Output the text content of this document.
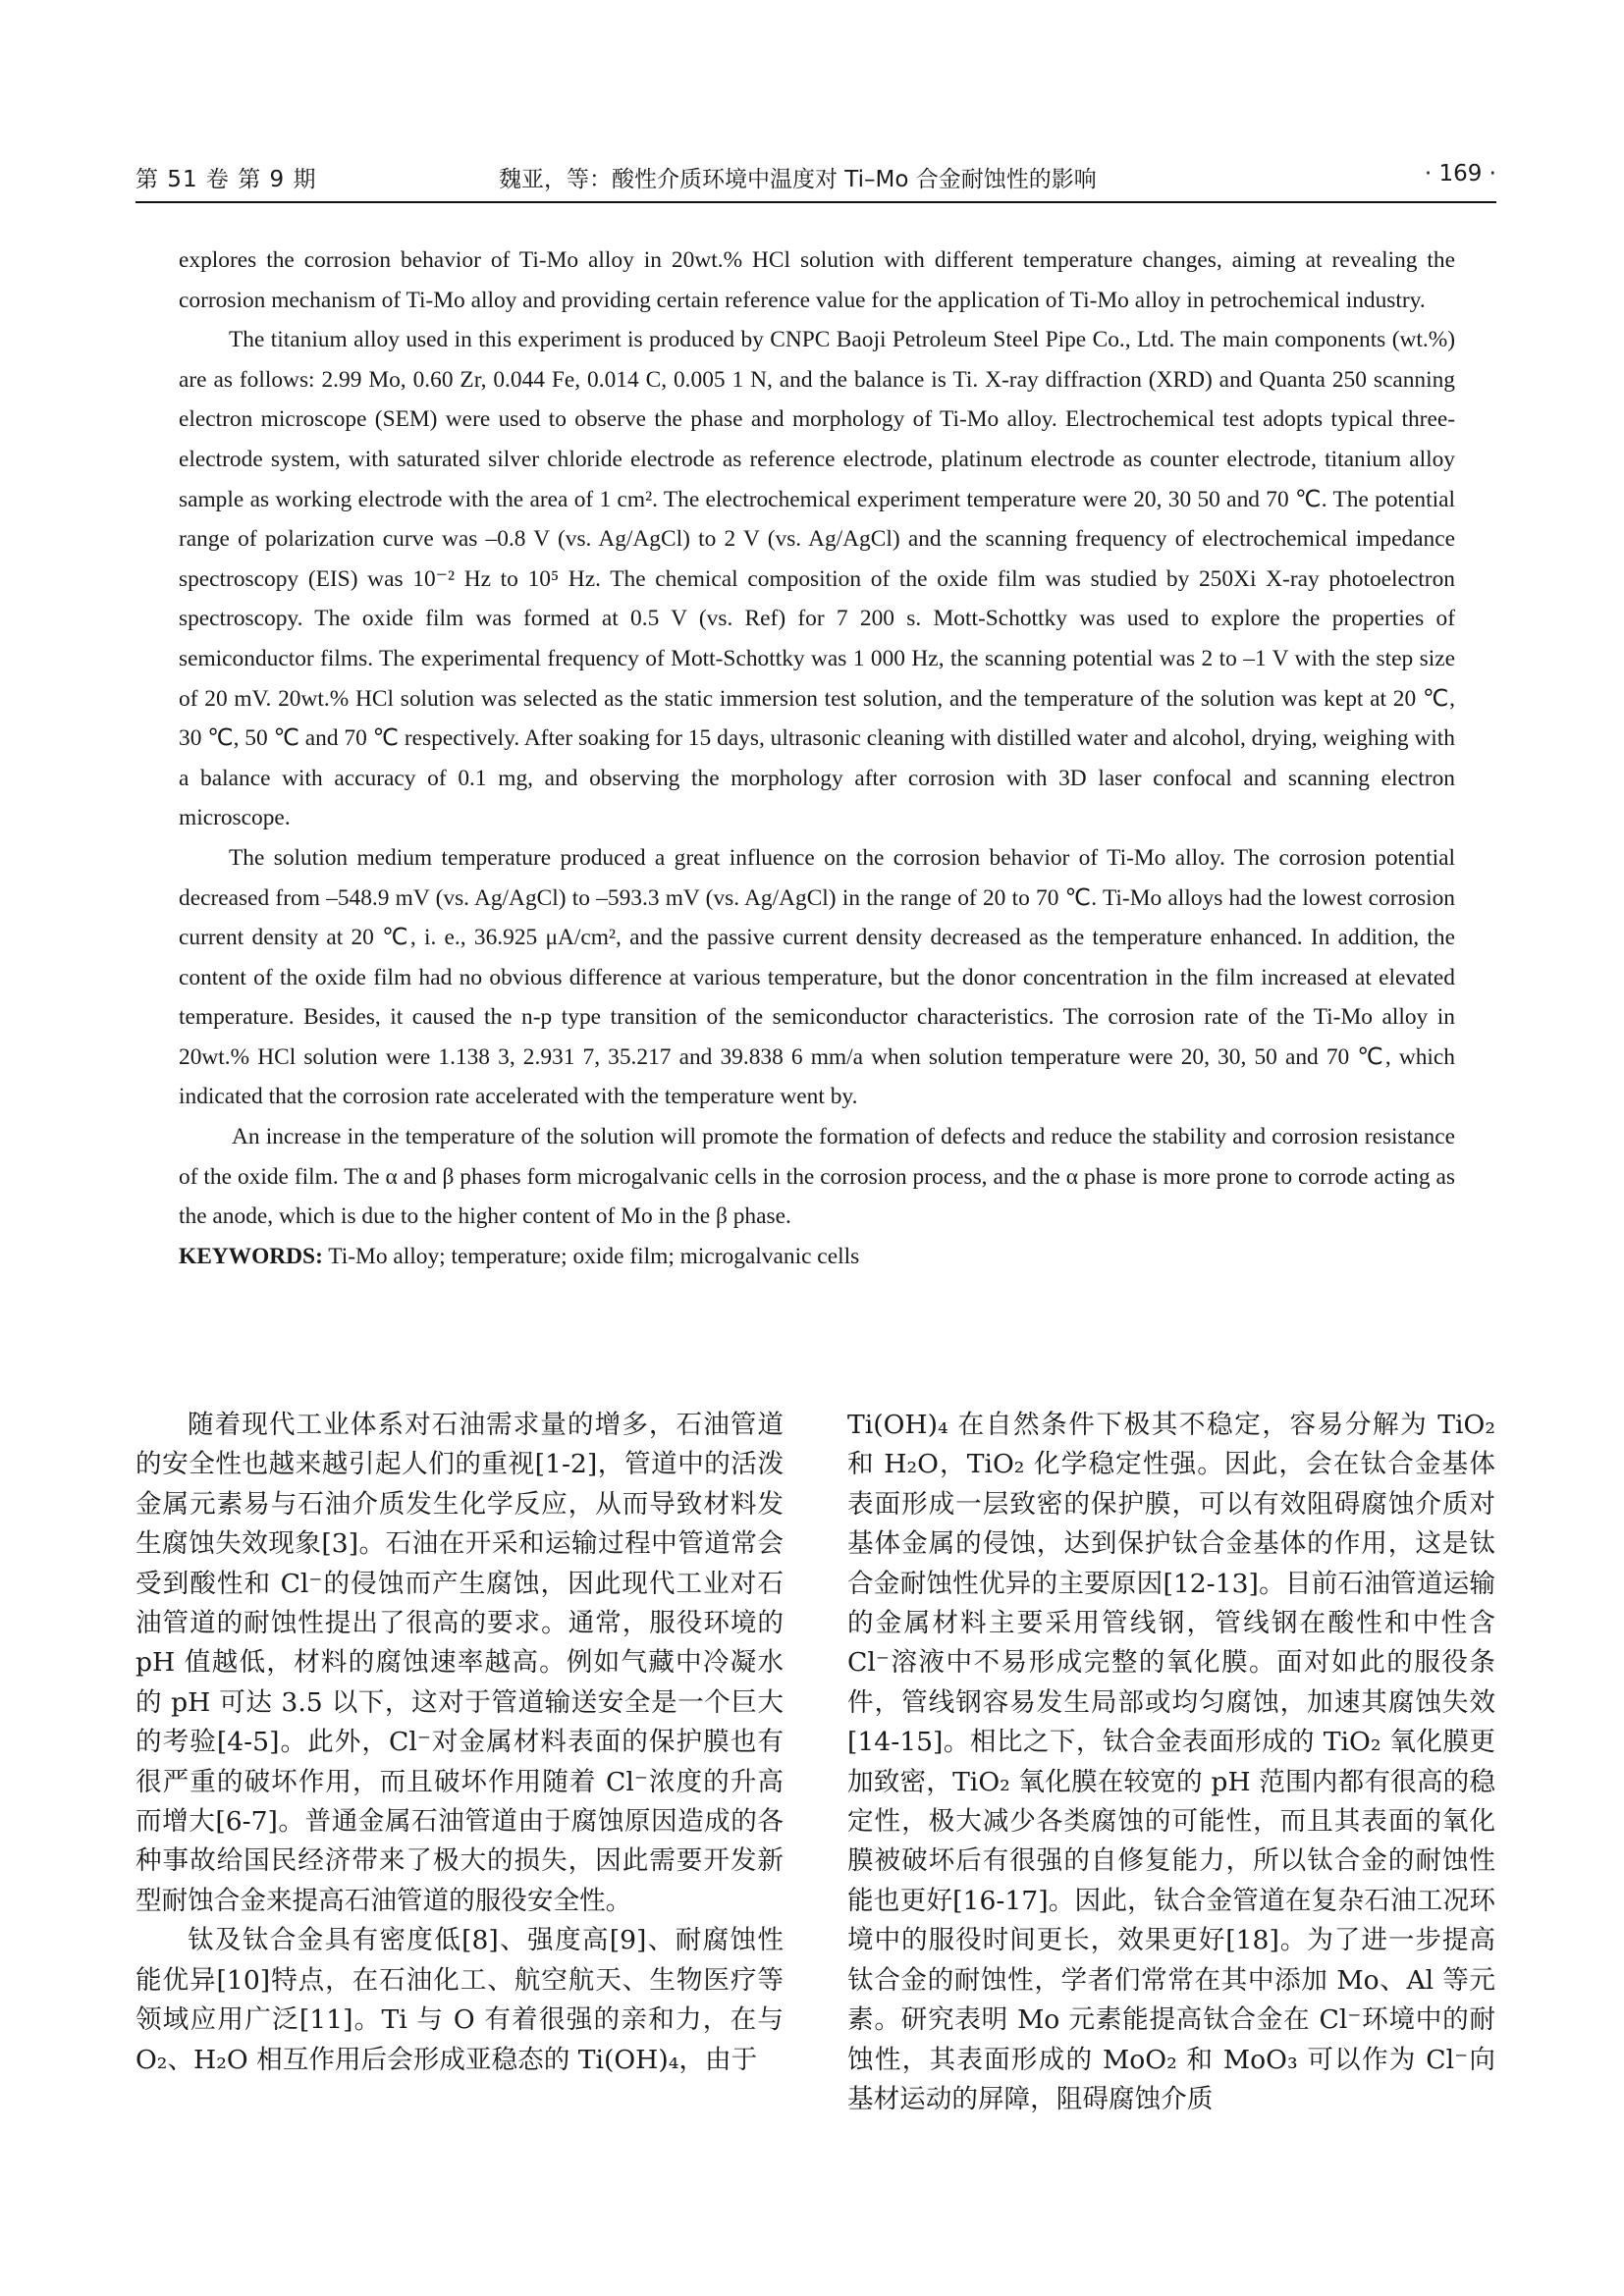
第 51 卷 第 9 期	魏亚，等：酸性介质环境中温度对 Ti–Mo 合金耐蚀性的影响	· 169 ·

explores the corrosion behavior of Ti-Mo alloy in 20wt.% HCl solution with different temperature changes, aiming at revealing the corrosion mechanism of Ti-Mo alloy and providing certain reference value for the application of Ti-Mo alloy in petrochemical industry.

The titanium alloy used in this experiment is produced by CNPC Baoji Petroleum Steel Pipe Co., Ltd. The main components (wt.%) are as follows: 2.99 Mo, 0.60 Zr, 0.044 Fe, 0.014 C, 0.005 1 N, and the balance is Ti. X-ray diffraction (XRD) and Quanta 250 scanning electron microscope (SEM) were used to observe the phase and morphology of Ti-Mo alloy. Electrochemical test adopts typical three-electrode system, with saturated silver chloride electrode as reference electrode, platinum electrode as counter electrode, titanium alloy sample as working electrode with the area of 1 cm². The electrochemical experiment temperature were 20, 30 50 and 70 ℃. The potential range of polarization curve was –0.8 V (vs. Ag/AgCl) to 2 V (vs. Ag/AgCl) and the scanning frequency of electrochemical impedance spectroscopy (EIS) was 10⁻² Hz to 10⁵ Hz. The chemical composition of the oxide film was studied by 250Xi X-ray photoelectron spectroscopy. The oxide film was formed at 0.5 V (vs. Ref) for 7 200 s. Mott-Schottky was used to explore the properties of semiconductor films. The experimental frequency of Mott-Schottky was 1 000 Hz, the scanning potential was 2 to –1 V with the step size of 20 mV. 20wt.% HCl solution was selected as the static immersion test solution, and the temperature of the solution was kept at 20 ℃, 30 ℃, 50 ℃ and 70 ℃ respectively. After soaking for 15 days, ultrasonic cleaning with distilled water and alcohol, drying, weighing with a balance with accuracy of 0.1 mg, and observing the morphology after corrosion with 3D laser confocal and scanning electron microscope.

The solution medium temperature produced a great influence on the corrosion behavior of Ti-Mo alloy. The corrosion potential decreased from –548.9 mV (vs. Ag/AgCl) to –593.3 mV (vs. Ag/AgCl) in the range of 20 to 70 ℃. Ti-Mo alloys had the lowest corrosion current density at 20 ℃, i. e., 36.925 μA/cm², and the passive current density decreased as the temperature enhanced. In addition, the content of the oxide film had no obvious difference at various temperature, but the donor concentration in the film increased at elevated temperature. Besides, it caused the n-p type transition of the semiconductor characteristics. The corrosion rate of the Ti-Mo alloy in 20wt.% HCl solution were 1.138 3, 2.931 7, 35.217 and 39.838 6 mm/a when solution temperature were 20, 30, 50 and 70 ℃, which indicated that the corrosion rate accelerated with the temperature went by.

An increase in the temperature of the solution will promote the formation of defects and reduce the stability and corrosion resistance of the oxide film. The α and β phases form microgalvanic cells in the corrosion process, and the α phase is more prone to corrode acting as the anode, which is due to the higher content of Mo in the β phase.

KEYWORDS: Ti-Mo alloy; temperature; oxide film; microgalvanic cells

随着现代工业体系对石油需求量的增多，石油管道的安全性也越来越引起人们的重视[1-2]，管道中的活泼金属元素易与石油介质发生化学反应，从而导致材料发生腐蚀失效现象[3]。石油在开采和运输过程中管道常会受到酸性和 Cl⁻的侵蚀而产生腐蚀，因此现代工业对石油管道的耐蚀性提出了很高的要求。通常，服役环境的 pH 值越低，材料的腐蚀速率越高。例如气藏中冷凝水的 pH 可达 3.5 以下，这对于管道输送安全是一个巨大的考验[4-5]。此外，Cl⁻对金属材料表面的保护膜也有很严重的破坏作用，而且破坏作用随着 Cl⁻浓度的升高而增大[6-7]。普通金属石油管道由于腐蚀原因造成的各种事故给国民经济带来了极大的损失，因此需要开发新型耐蚀合金来提高石油管道的服役安全性。

钛及钛合金具有密度低[8]、强度高[9]、耐腐蚀性能优异[10]特点，在石油化工、航空航天、生物医疗等领域应用广泛[11]。Ti 与 O 有着很强的亲和力，在与 O₂、H₂O 相互作用后会形成亚稳态的 Ti(OH)₄，由于

Ti(OH)₄ 在自然条件下极其不稳定，容易分解为 TiO₂ 和 H₂O，TiO₂ 化学稳定性强。因此，会在钛合金基体表面形成一层致密的保护膜，可以有效阻碍腐蚀介质对基体金属的侵蚀，达到保护钛合金基体的作用，这是钛合金耐蚀性优异的主要原因[12-13]。目前石油管道运输的金属材料主要采用管线钢，管线钢在酸性和中性含 Cl⁻溶液中不易形成完整的氧化膜。面对如此的服役条件，管线钢容易发生局部或均匀腐蚀，加速其腐蚀失效[14-15]。相比之下，钛合金表面形成的 TiO₂ 氧化膜更加致密，TiO₂ 氧化膜在较宽的 pH 范围内都有很高的稳定性，极大减少各类腐蚀的可能性，而且其表面的氧化膜被破坏后有很强的自修复能力，所以钛合金的耐蚀性能也更好[16-17]。因此，钛合金管道在复杂石油工况环境中的服役时间更长，效果更好[18]。为了进一步提高钛合金的耐蚀性，学者们常常在其中添加 Mo、Al 等元素。研究表明 Mo 元素能提高钛合金在 Cl⁻环境中的耐蚀性，其表面形成的 MoO₂ 和 MoO₃ 可以作为 Cl⁻向基材运动的屏障，阻碍腐蚀介质
